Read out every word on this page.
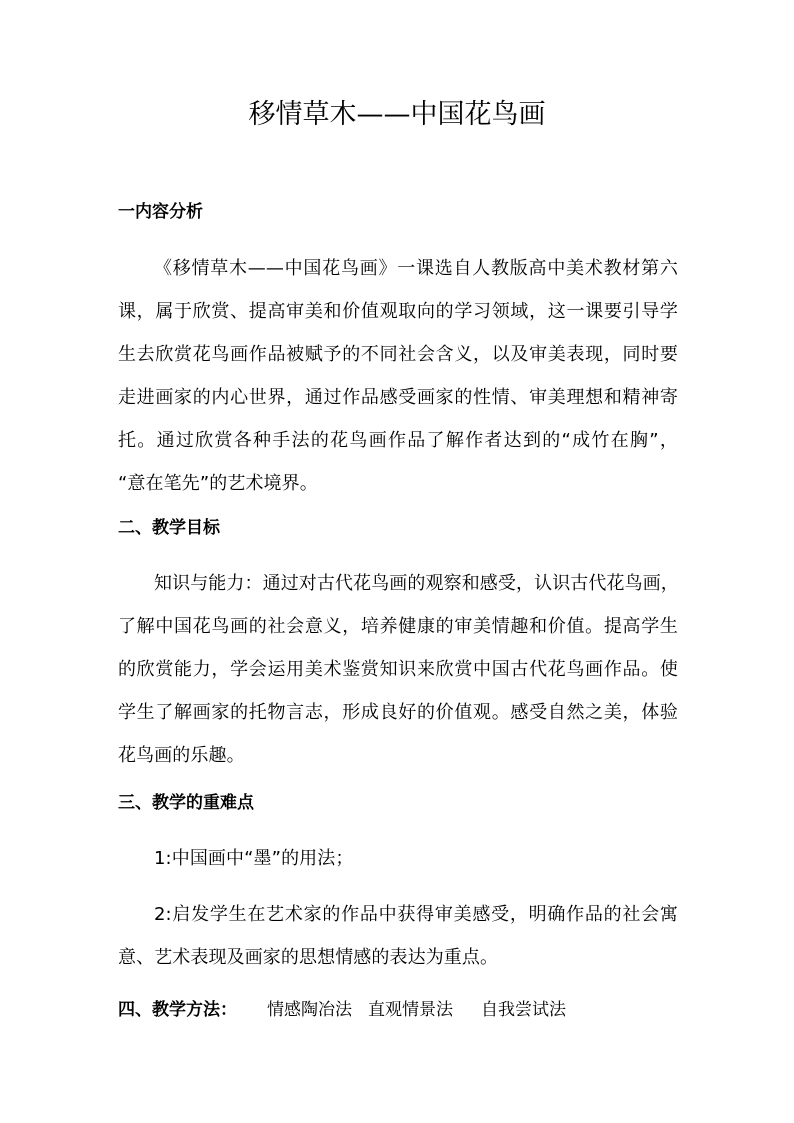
移情草木——中国花鸟画
一内容分析
《移情草木——中国花鸟画》一课选自人教版高中美术教材第六
课，属于欣赏、提高审美和价值观取向的学习领域，这一课要引导学
生去欣赏花鸟画作品被赋予的不同社会含义，以及审美表现，同时要
走进画家的内心世界，通过作品感受画家的性情、审美理想和精神寄
托。通过欣赏各种手法的花鸟画作品了解作者达到的“成竹在胸”，
“意在笔先”的艺术境界。
二、教学目标
知识与能力：通过对古代花鸟画的观察和感受，认识古代花鸟画，
了解中国花鸟画的社会意义，培养健康的审美情趣和价值。提高学生
的欣赏能力，学会运用美术鉴赏知识来欣赏中国古代花鸟画作品。使
学生了解画家的托物言志，形成良好的价值观。感受自然之美，体验
花鸟画的乐趣。
三、教学的重难点
1:中国画中“墨”的用法；
2:启发学生在艺术家的作品中获得审美感受，明确作品的社会寓
意、艺术表现及画家的思想情感的表达为重点。

四、教学方法： 情感陶冶法 直观情景法 自我尝试法
